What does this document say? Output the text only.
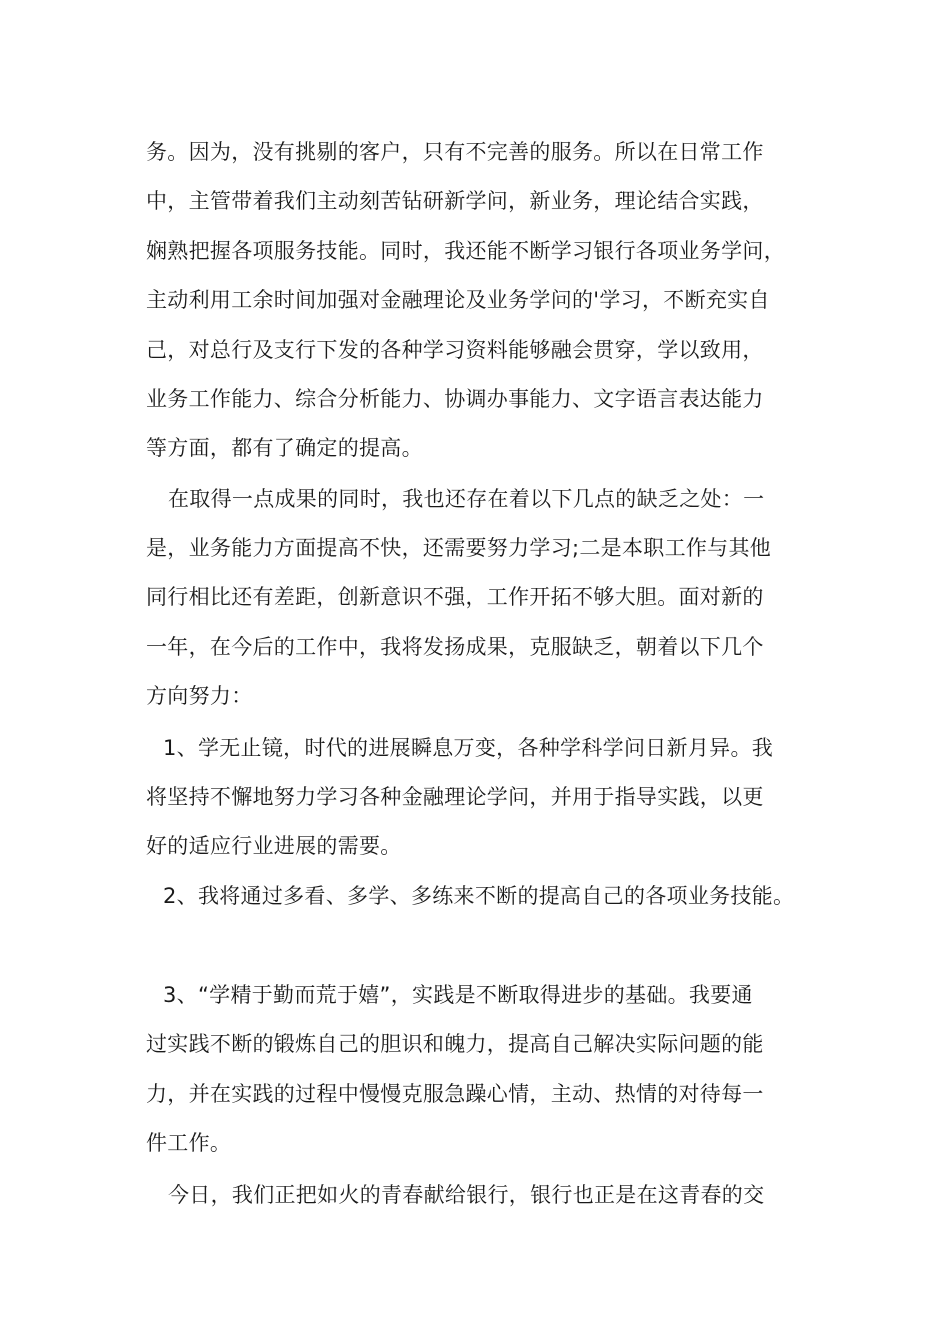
务。因为，没有挑剔的客户，只有不完善的服务。所以在日常工作
中，主管带着我们主动刻苦钻研新学问，新业务，理论结合实践，
娴熟把握各项服务技能。同时，我还能不断学习银行各项业务学问，
主动利用工余时间加强对金融理论及业务学问的'学习，不断充实自
己，对总行及支行下发的各种学习资料能够融会贯穿，学以致用，
业务工作能力、综合分析能力、协调办事能力、文字语言表达能力
等方面，都有了确定的提高。
在取得一点成果的同时，我也还存在着以下几点的缺乏之处：一
是，业务能力方面提高不快，还需要努力学习;二是本职工作与其他
同行相比还有差距，创新意识不强，工作开拓不够大胆。面对新的
一年，在今后的工作中，我将发扬成果，克服缺乏，朝着以下几个
方向努力：
1、学无止镜，时代的进展瞬息万变，各种学科学问日新月异。我
将坚持不懈地努力学习各种金融理论学问，并用于指导实践，以更
好的适应行业进展的需要。
2、我将通过多看、多学、多练来不断的提高自己的各项业务技能。
3、“学精于勤而荒于嬉”，实践是不断取得进步的基础。我要通
过实践不断的锻炼自己的胆识和魄力，提高自己解决实际问题的能
力，并在实践的过程中慢慢克服急躁心情，主动、热情的对待每一
件工作。
今日，我们正把如火的青春献给银行，银行也正是在这青春的交
